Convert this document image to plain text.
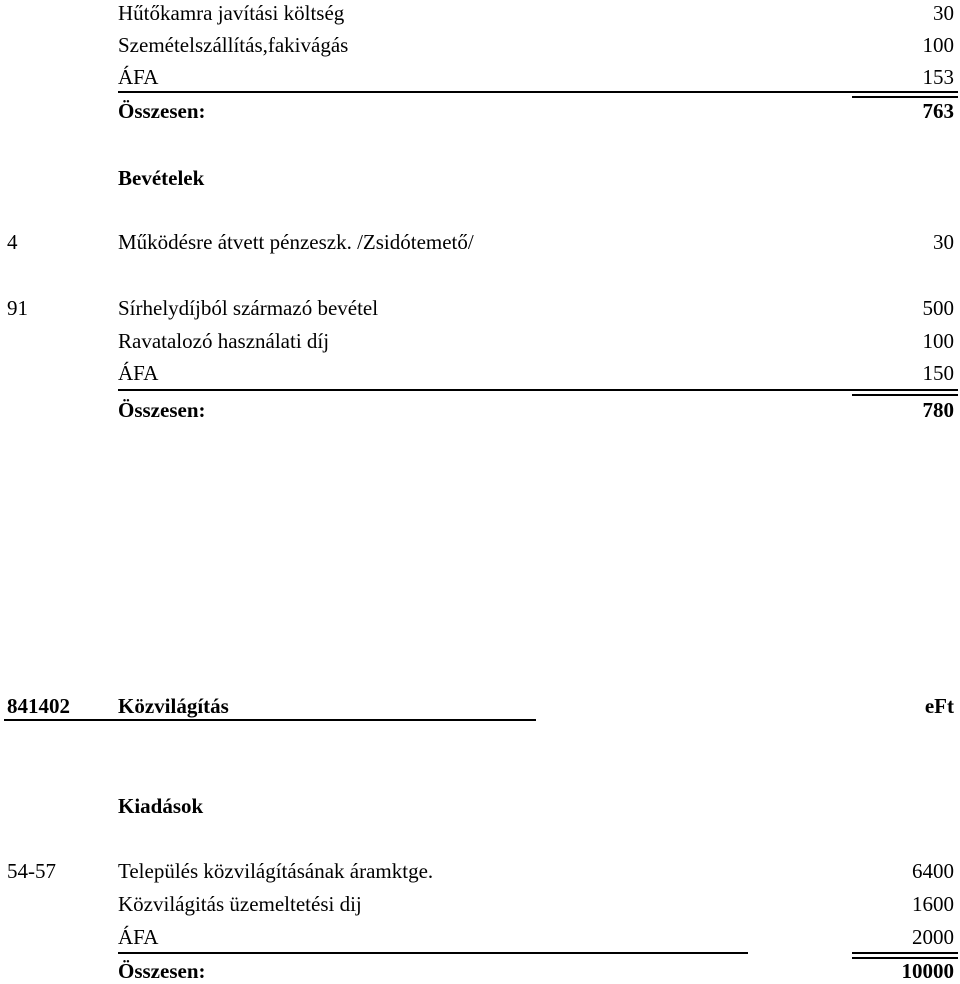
Hűtőkamra javítási költség	30
Szemételszállítás,fakivágás	100
ÁFA	153
Összesen:	763
Bevételek
4	Működésre átvett pénzeszk. /Zsidótemető/	30
91	Sírhelydíjból származó bevétel	500
Ravatalozó használati díj	100
ÁFA	150
Összesen:	780
841402 Közvilágítás	eFt
Kiadások
54-57	Település közvilágításának áramktge.	6400
Közvilágitás üzemeltetési dij	1600
ÁFA	2000
Összesen:	10000
